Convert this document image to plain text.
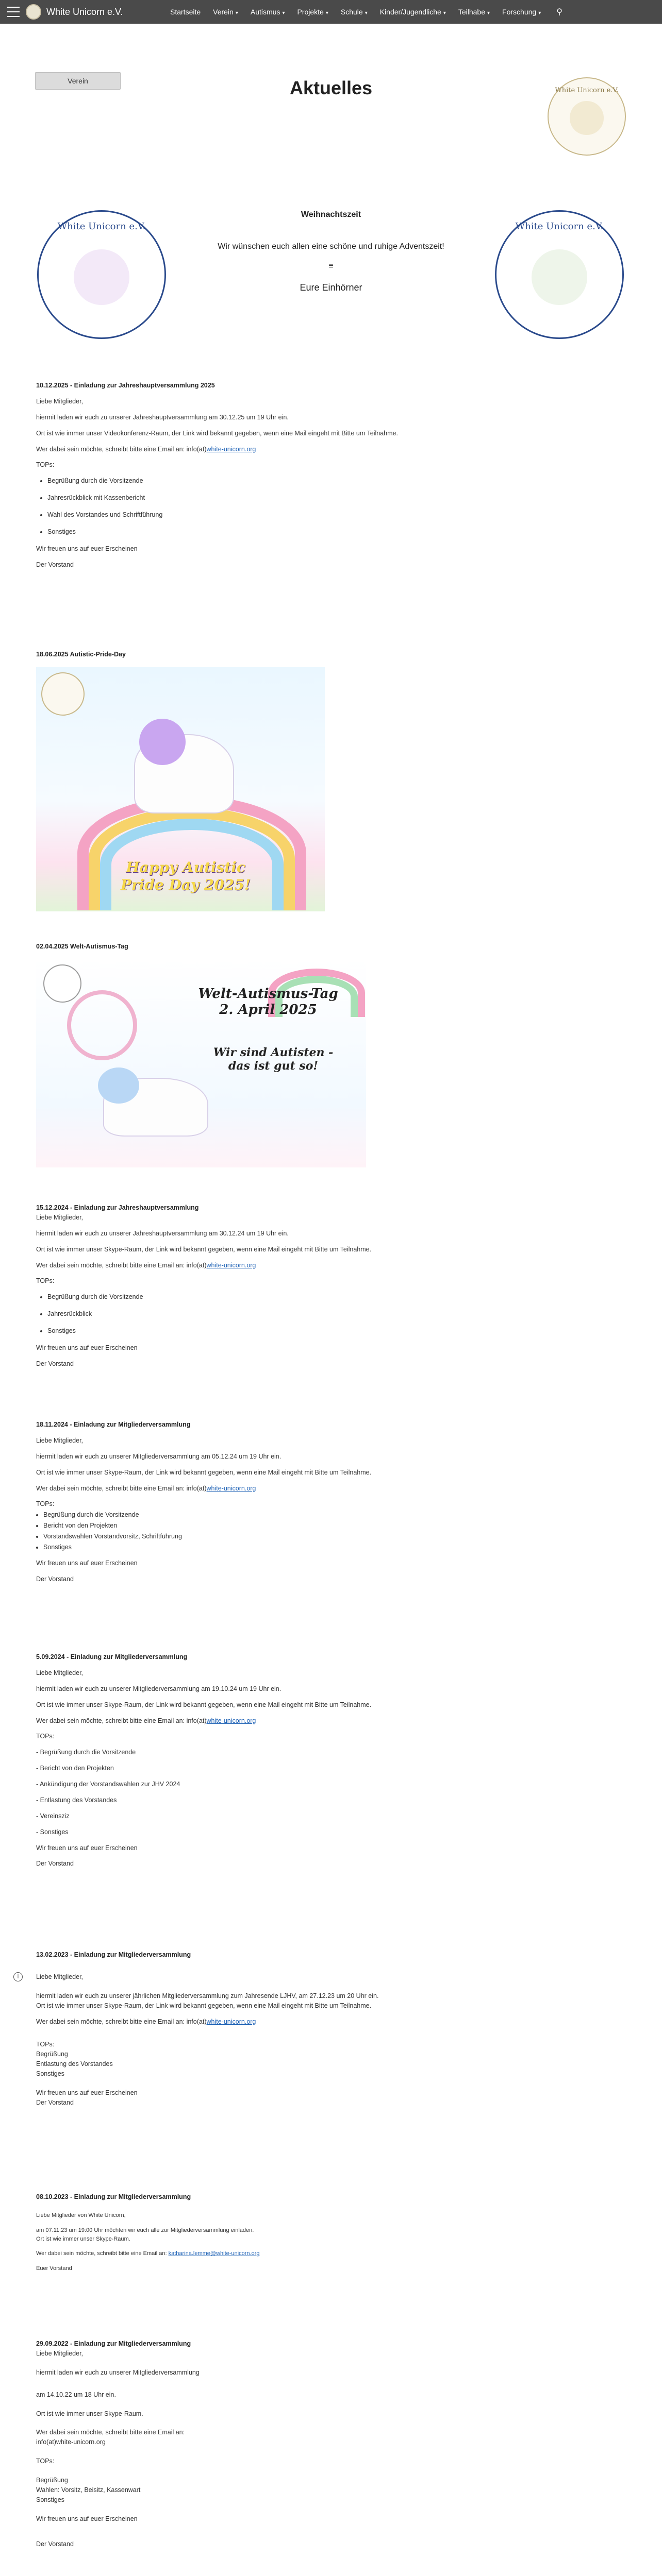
White Unicorn e.V.	Startseite Verein ▾ Autismus ▾ Projekte ▾ Schule ▾ Kinder/Jugendliche ▾ Teilhabe ▾ Forschung ▾ ⚲
Verein	Aktuelles	White Unicorn e.V.
White Unicorn e.V.	White Unicorn e.V.
Weihnachtszeit
Wir wünschen euch allen eine schöne und ruhige Adventszeit!
≡
Eure Einhörner

10.12.2025 - Einladung zur Jahreshauptversammlung 2025

Liebe Mitglieder,

hiermit laden wir euch zu unserer Jahreshauptversammlung am 30.12.25 um 19 Uhr ein.

Ort ist wie immer unser Videokonferenz-Raum, der Link wird bekannt gegeben, wenn eine Mail eingeht mit Bitte um Teilnahme.

Wer dabei sein möchte, schreibt bitte eine Email an: info(at)white-unicorn.org

TOPs:

• Begrüßung durch die Vorsitzende
• Jahresrückblick mit Kassenbericht
• Wahl des Vorstandes und Schriftführung
• Sonstiges

Wir freuen uns auf euer Erscheinen

Der Vorstand

18.06.2025 Autistic-Pride-Day

Happy Autistic Pride Day 2025!

02.04.2025 Welt-Autismus-Tag

Welt-Autismus-Tag 2. April 2025
Wir sind Autisten - das ist gut so!

15.12.2024 - Einladung zur Jahreshauptversammlung

Liebe Mitglieder,

hiermit laden wir euch zu unserer Jahreshauptversammlung am 30.12.24 um 19 Uhr ein.

Ort ist wie immer unser Skype-Raum, der Link wird bekannt gegeben, wenn eine Mail eingeht mit Bitte um Teilnahme.

Wer dabei sein möchte, schreibt bitte eine Email an: info(at)white-unicorn.org

TOPs:

• Begrüßung durch die Vorsitzende
• Jahresrückblick
• Sonstiges

Wir freuen uns auf euer Erscheinen

Der Vorstand

18.11.2024 - Einladung zur Mitgliederversammlung

Liebe Mitglieder,

hiermit laden wir euch zu unserer Mitgliederversammlung am 05.12.24 um 19 Uhr ein.

Ort ist wie immer unser Skype-Raum, der Link wird bekannt gegeben, wenn eine Mail eingeht mit Bitte um Teilnahme.

Wer dabei sein möchte, schreibt bitte eine Email an: info(at)white-unicorn.org

TOPs:

• Begrüßung durch die Vorsitzende
• Bericht von den Projekten
• Vorstandswahlen Vorstandvorsitz, Schriftführung
• Sonstiges

Wir freuen uns auf euer Erscheinen

Der Vorstand

5.09.2024 - Einladung zur Mitgliederversammlung

Liebe Mitglieder,

hiermit laden wir euch zu unserer Mitgliederversammlung am 19.10.24 um 19 Uhr ein.

Ort ist wie immer unser Skype-Raum, der Link wird bekannt gegeben, wenn eine Mail eingeht mit Bitte um Teilnahme.

Wer dabei sein möchte, schreibt bitte eine Email an: info(at)white-unicorn.org

TOPs:

- Begrüßung durch die Vorsitzende

- Bericht von den Projekten

- Ankündigung der Vorstandswahlen zur JHV 2024

- Entlastung des Vorstandes

- Vereinsziz

- Sonstiges

Wir freuen uns auf euer Erscheinen

Der Vorstand

i

13.02.2023 - Einladung zur Mitgliederversammlung

Liebe Mitglieder,

hiermit laden wir euch zu unserer jährlichen Mitgliederversammlung zum Jahresende LJHV, am 27.12.23 um 20 Uhr ein.

Ort ist wie immer unser Skype-Raum, der Link wird bekannt gegeben, wenn eine Mail eingeht mit Bitte um Teilnahme.

Wer dabei sein möchte, schreibt bitte eine Email an: info(at)white-unicorn.org

TOPs:

Begrüßung

Entlastung des Vorstandes

Sonstiges

Wir freuen uns auf euer Erscheinen

Der Vorstand

08.10.2023 - Einladung zur Mitgliederversammlung

Liebe Mitglieder von White Unicorn,

am 07.11.23 um 19:00 Uhr möchten wir euch alle zur Mitgliederversammlung einladen.

Ort ist wie immer unser Skype-Raum.

Wer dabei sein möchte, schreibt bitte eine Email an: katharina.lemme@white-unicorn.org

Euer Vorstand

29.09.2022 - Einladung zur Mitgliederversammlung

Liebe Mitglieder,

hiermit laden wir euch zu unserer Mitgliederversammlung

am 14.10.22 um 18 Uhr ein.

Ort ist wie immer unser Skype-Raum.

Wer dabei sein möchte, schreibt bitte eine Email an:

info(at)white-unicorn.org

TOPs:

Begrüßung

Wahlen: Vorsitz, Beisitz, Kassenwart

Sonstiges

Wir freuen uns auf euer Erscheinen

Der Vorstand
